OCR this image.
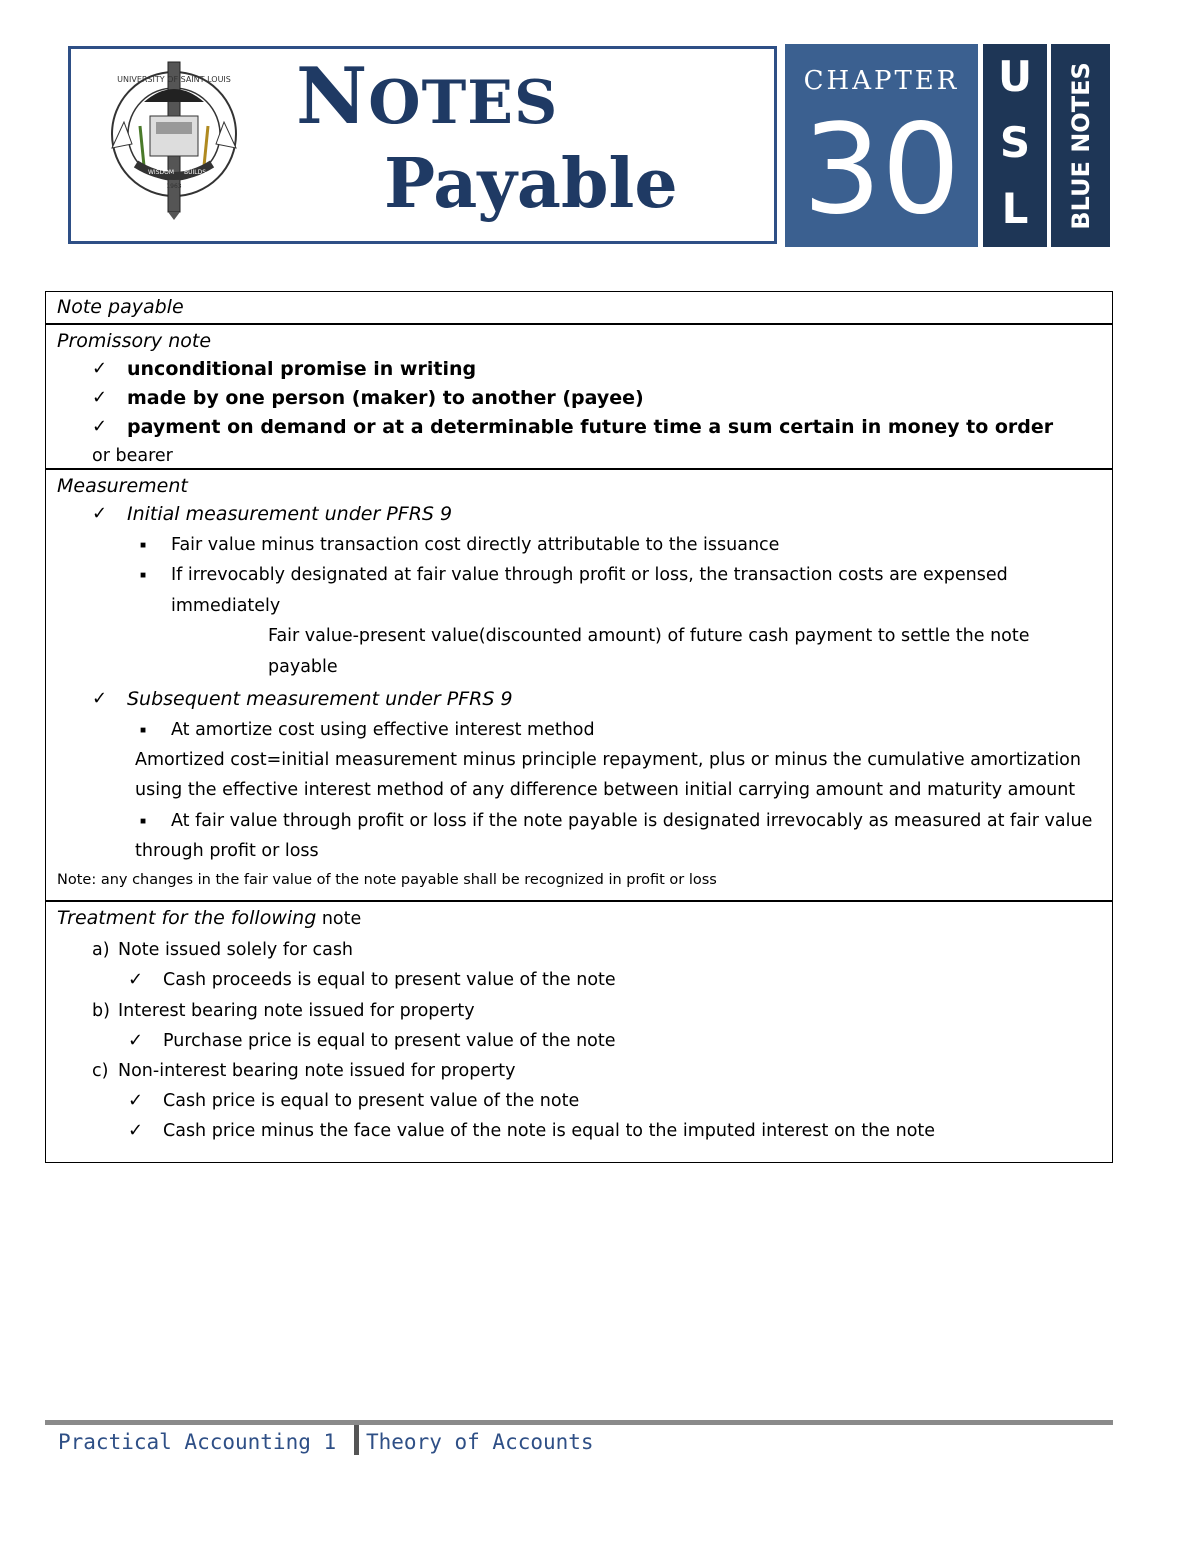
UNIVERSITY OF SAINT LOUIS
WISDOM BUILDS
1963
NOTES
Payable
CHAPTER
30
U
S
L	BLUE NOTES
Note payable
Promissory note
✓ unconditional promise in writing
✓ made by one person (maker) to another (payee)
✓ payment on demand or at a determinable future time a sum certain in money to order
or bearer
Measurement
✓ Initial measurement under PFRS 9
■ Fair value minus transaction cost directly attributable to the issuance
■ If irrevocably designated at fair value through profit or loss, the transaction costs are expensed
immediately
Fair value-present value(discounted amount) of future cash payment to settle the note
payable
✓ Subsequent measurement under PFRS 9
■ At amortize cost using effective interest method
Amortized cost=initial measurement minus principle repayment, plus or minus the cumulative amortization
using the effective interest method of any difference between initial carrying amount and maturity amount
■ At fair value through profit or loss if the note payable is designated irrevocably as measured at fair value
through profit or loss
Note: any changes in the fair value of the note payable shall be recognized in profit or loss
Treatment for the following note
a) Note issued solely for cash
✓ Cash proceeds is equal to present value of the note
b) Interest bearing note issued for property
✓ Purchase price is equal to present value of the note
c) Non-interest bearing note issued for property
✓ Cash price is equal to present value of the note
✓ Cash price minus the face value of the note is equal to the imputed interest on the note
Practical Accounting 1 Theory of Accounts
